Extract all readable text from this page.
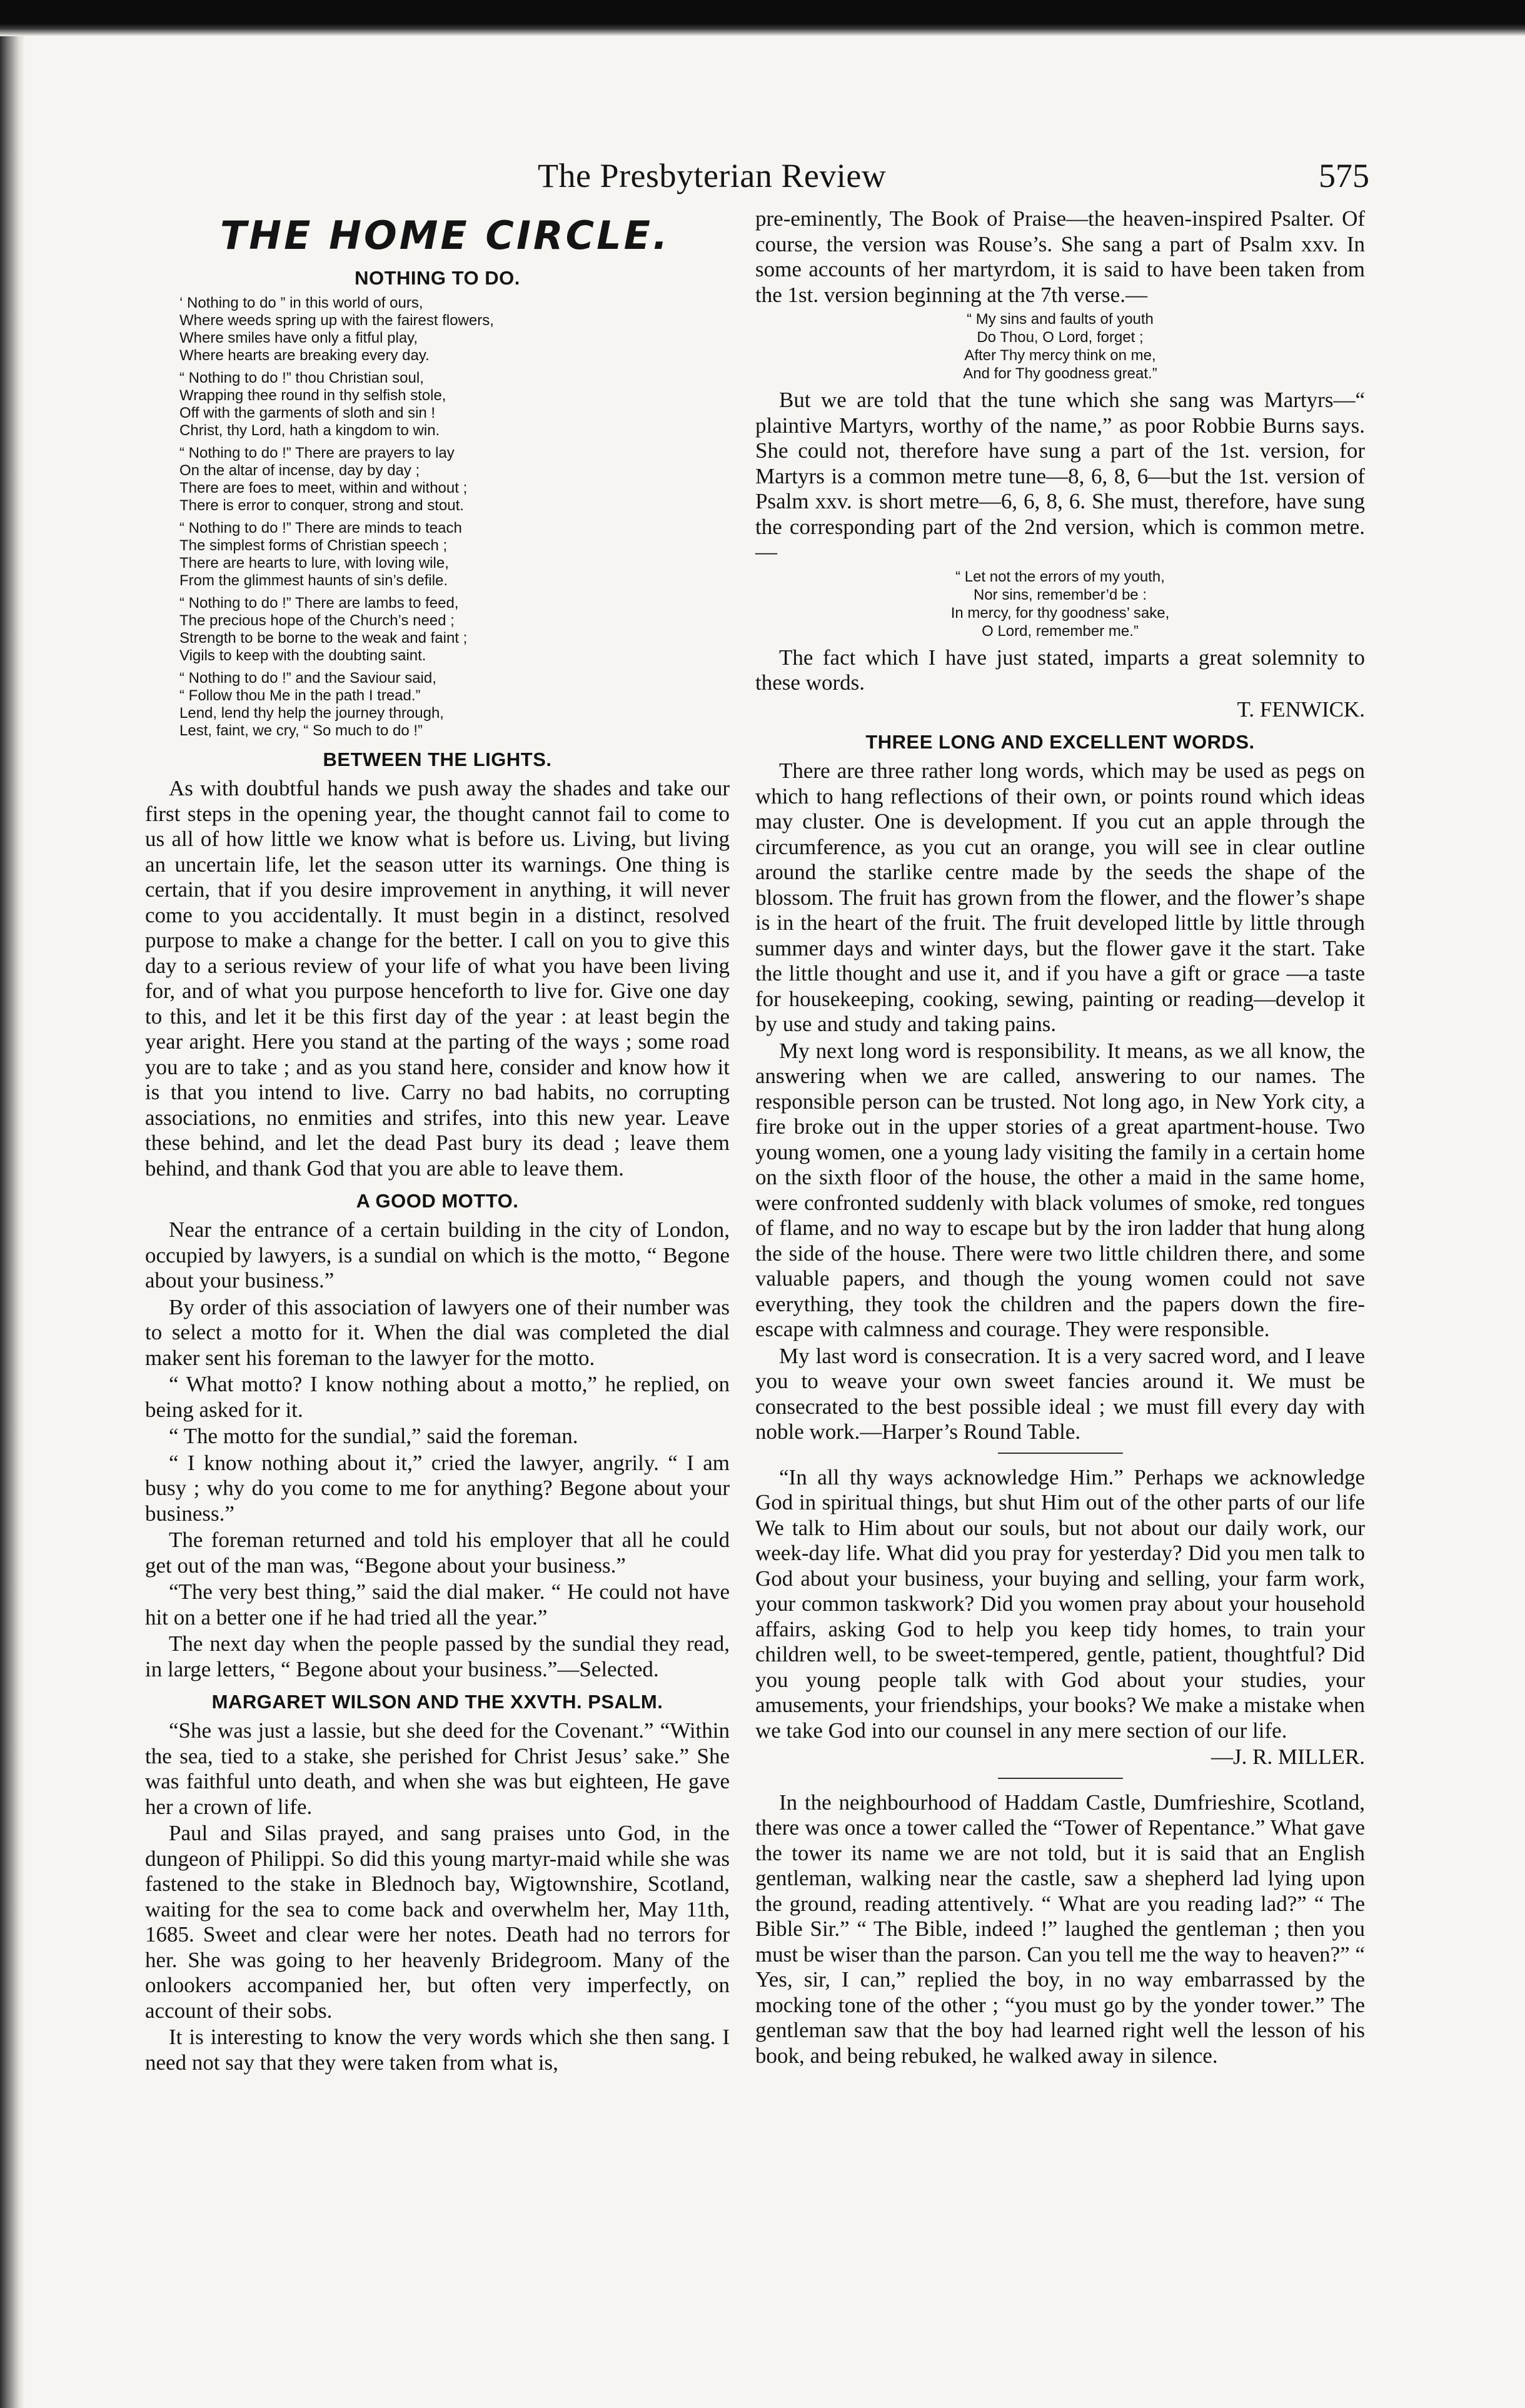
The Presbyterian Review	575
THE HOME CIRCLE.
NOTHING TO DO.

‘ Nothing to do ” in this world of ours,
Where weeds spring up with the fairest flowers,
Where smiles have only a fitful play,
Where hearts are breaking every day.

“ Nothing to do !” thou Christian soul,
Wrapping thee round in thy selfish stole,
Off with the garments of sloth and sin !
Christ, thy Lord, hath a kingdom to win.

“ Nothing to do !” There are prayers to lay
On the altar of incense, day by day ;
There are foes to meet, within and without ;
There is error to conquer, strong and stout.

“ Nothing to do !” There are minds to teach
The simplest forms of Christian speech ;
There are hearts to lure, with loving wile,
From the glimmest haunts of sin’s defile.

“ Nothing to do !” There are lambs to feed,
The precious hope of the Church’s need ;
Strength to be borne to the weak and faint ;
Vigils to keep with the doubting saint.

“ Nothing to do !” and the Saviour said,
“ Follow thou Me in the path I tread.”
Lend, lend thy help the journey through,
Lest, faint, we cry, “ So much to do !”

BETWEEN THE LIGHTS.

As with doubtful hands we push away the shades and take our first steps in the opening year, the thought cannot fail to come to us all of how little we know what is before us. Living, but living an uncertain life, let the season utter its warnings. One thing is certain, that if you desire improvement in anything, it will never come to you accidentally. It must begin in a distinct, resolved purpose to make a change for the better. I call on you to give this day to a serious review of your life of what you have been living for, and of what you purpose henceforth to live for. Give one day to this, and let it be this first day of the year : at least begin the year aright. Here you stand at the parting of the ways ; some road you are to take ; and as you stand here, consider and know how it is that you intend to live. Carry no bad habits, no corrupting associations, no enmities and strifes, into this new year. Leave these behind, and let the dead Past bury its dead ; leave them behind, and thank God that you are able to leave them.

A GOOD MOTTO.

Near the entrance of a certain building in the city of London, occupied by lawyers, is a sundial on which is the motto, “ Begone about your business.”

By order of this association of lawyers one of their number was to select a motto for it. When the dial was completed the dial maker sent his foreman to the lawyer for the motto.

“ What motto? I know nothing about a motto,” he replied, on being asked for it.

“ The motto for the sundial,” said the foreman.

“ I know nothing about it,” cried the lawyer, angrily. “ I am busy ; why do you come to me for anything? Begone about your business.”

The foreman returned and told his employer that all he could get out of the man was, “Begone about your business.”

“The very best thing,” said the dial maker. “ He could not have hit on a better one if he had tried all the year.”

The next day when the people passed by the sundial they read, in large letters, “ Begone about your business.”—Selected.

MARGARET WILSON AND THE XXVTH. PSALM.

“She was just a lassie, but she deed for the Covenant.” “Within the sea, tied to a stake, she perished for Christ Jesus’ sake.” She was faithful unto death, and when she was but eighteen, He gave her a crown of life.

Paul and Silas prayed, and sang praises unto God, in the dungeon of Philippi. So did this young martyr-maid while she was fastened to the stake in Blednoch bay, Wigtownshire, Scotland, waiting for the sea to come back and overwhelm her, May 11th, 1685. Sweet and clear were her notes. Death had no terrors for her. She was going to her heavenly Bridegroom. Many of the onlookers accompanied her, but often very imperfectly, on account of their sobs.

It is interesting to know the very words which she then sang. I need not say that they were taken from what is,

pre-eminently, The Book of Praise—the heaven-inspired Psalter. Of course, the version was Rouse’s. She sang a part of Psalm xxv. In some accounts of her martyrdom, it is said to have been taken from the 1st. version beginning at the 7th verse.—

“ My sins and faults of youth
Do Thou, O Lord, forget ;
After Thy mercy think on me,
And for Thy goodness great.”

But we are told that the tune which she sang was Martyrs—“ plaintive Martyrs, worthy of the name,” as poor Robbie Burns says. She could not, therefore have sung a part of the 1st. version, for Martyrs is a common metre tune—8, 6, 8, 6—but the 1st. version of Psalm xxv. is short metre—6, 6, 8, 6. She must, therefore, have sung the corresponding part of the 2nd version, which is common metre.—

“ Let not the errors of my youth,
Nor sins, remember’d be :
In mercy, for thy goodness’ sake,
O Lord, remember me.”

The fact which I have just stated, imparts a great solemnity to these words.

T. FENWICK.

THREE LONG AND EXCELLENT WORDS.

There are three rather long words, which may be used as pegs on which to hang reflections of their own, or points round which ideas may cluster. One is development. If you cut an apple through the circumference, as you cut an orange, you will see in clear outline around the starlike centre made by the seeds the shape of the blossom. The fruit has grown from the flower, and the flower’s shape is in the heart of the fruit. The fruit developed little by little through summer days and winter days, but the flower gave it the start. Take the little thought and use it, and if you have a gift or grace —a taste for housekeeping, cooking, sewing, painting or reading—develop it by use and study and taking pains.

My next long word is responsibility. It means, as we all know, the answering when we are called, answering to our names. The responsible person can be trusted. Not long ago, in New York city, a fire broke out in the upper stories of a great apartment-house. Two young women, one a young lady visiting the family in a certain home on the sixth floor of the house, the other a maid in the same home, were confronted suddenly with black volumes of smoke, red tongues of flame, and no way to escape but by the iron ladder that hung along the side of the house. There were two little children there, and some valuable papers, and though the young women could not save everything, they took the children and the papers down the fire-escape with calmness and courage. They were responsible.

My last word is consecration. It is a very sacred word, and I leave you to weave your own sweet fancies around it. We must be consecrated to the best possible ideal ; we must fill every day with noble work.—Harper’s Round Table.

“In all thy ways acknowledge Him.” Perhaps we acknowledge God in spiritual things, but shut Him out of the other parts of our life We talk to Him about our souls, but not about our daily work, our week-day life. What did you pray for yesterday? Did you men talk to God about your business, your buying and selling, your farm work, your common taskwork? Did you women pray about your household affairs, asking God to help you keep tidy homes, to train your children well, to be sweet-tempered, gentle, patient, thoughtful? Did you young people talk with God about your studies, your amusements, your friendships, your books? We make a mistake when we take God into our counsel in any mere section of our life.

—J. R. MILLER.

In the neighbourhood of Haddam Castle, Dumfrieshire, Scotland, there was once a tower called the “Tower of Repentance.” What gave the tower its name we are not told, but it is said that an English gentleman, walking near the castle, saw a shepherd lad lying upon the ground, reading attentively. “ What are you reading lad?” “ The Bible Sir.” “ The Bible, indeed !” laughed the gentleman ; then you must be wiser than the parson. Can you tell me the way to heaven?” “ Yes, sir, I can,” replied the boy, in no way embarrassed by the mocking tone of the other ; “you must go by the yonder tower.” The gentleman saw that the boy had learned right well the lesson of his book, and being rebuked, he walked away in silence.
